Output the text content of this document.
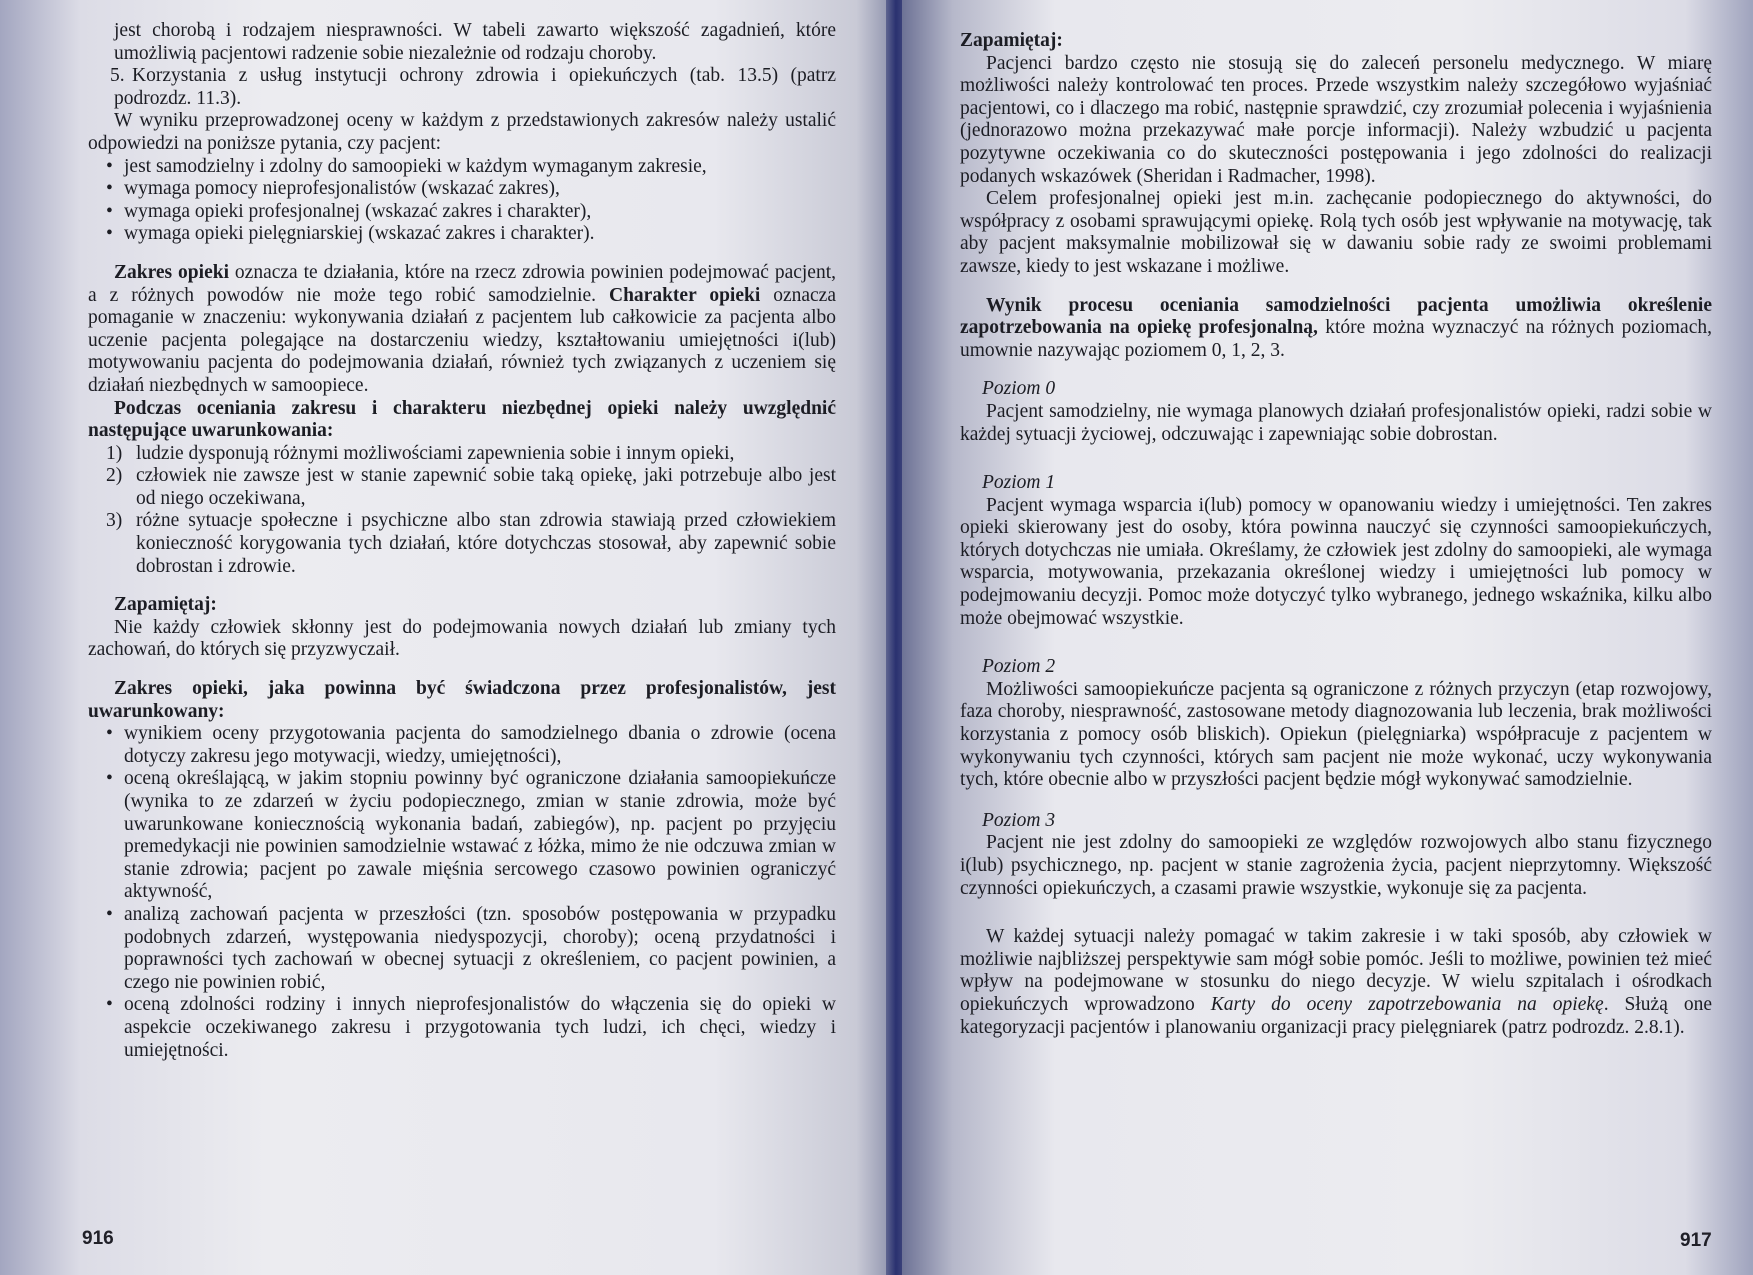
jest chorobą i rodzajem niesprawności. W tabeli zawarto większość zagadnień, które umożliwią pacjentowi radzenie sobie niezależnie od rodzaju choroby.

5. Korzystania z usług instytucji ochrony zdrowia i opiekuńczych (tab. 13.5) (patrz podrozdz. 11.3).

W wyniku przeprowadzonej oceny w każdym z przedstawionych zakresów należy ustalić odpowiedzi na poniższe pytania, czy pacjent:

• jest samodzielny i zdolny do samoopieki w każdym wymaganym zakresie,
• wymaga pomocy nieprofesjonalistów (wskazać zakres),
• wymaga opieki profesjonalnej (wskazać zakres i charakter),
• wymaga opieki pielęgniarskiej (wskazać zakres i charakter).

Zakres opieki oznacza te działania, które na rzecz zdrowia powinien podejmować pacjent, a z różnych powodów nie może tego robić samodzielnie. Charakter opieki oznacza pomaganie w znaczeniu: wykonywania działań z pacjentem lub całkowicie za pacjenta albo uczenie pacjenta polegające na dostarczeniu wiedzy, kształtowaniu umiejętności i(lub) motywowaniu pacjenta do podejmowania działań, również tych związanych z uczeniem się działań niezbędnych w samoopiece.

Podczas oceniania zakresu i charakteru niezbędnej opieki należy uwzględnić następujące uwarunkowania:

1) ludzie dysponują różnymi możliwościami zapewnienia sobie i innym opieki,
2) człowiek nie zawsze jest w stanie zapewnić sobie taką opiekę, jaki potrzebuje albo jest od niego oczekiwana,
3) różne sytuacje społeczne i psychiczne albo stan zdrowia stawiają przed człowiekiem konieczność korygowania tych działań, które dotychczas stosował, aby zapewnić sobie dobrostan i zdrowie.

Zapamiętaj:

Nie każdy człowiek skłonny jest do podejmowania nowych działań lub zmiany tych zachowań, do których się przyzwyczaił.

Zakres opieki, jaka powinna być świadczona przez profesjonalistów, jest uwarunkowany:

• wynikiem oceny przygotowania pacjenta do samodzielnego dbania o zdrowie (ocena dotyczy zakresu jego motywacji, wiedzy, umiejętności),
• oceną określającą, w jakim stopniu powinny być ograniczone działania samoopiekuńcze (wynika to ze zdarzeń w życiu podopiecznego, zmian w stanie zdrowia, może być uwarunkowane koniecznością wykonania badań, zabiegów), np. pacjent po przyjęciu premedykacji nie powinien samodzielnie wstawać z łóżka, mimo że nie odczuwa zmian w stanie zdrowia; pacjent po zawale mięśnia sercowego czasowo powinien ograniczyć aktywność,
• analizą zachowań pacjenta w przeszłości (tzn. sposobów postępowania w przypadku podobnych zdarzeń, występowania niedyspozycji, choroby); oceną przydatności i poprawności tych zachowań w obecnej sytuacji z określeniem, co pacjent powinien, a czego nie powinien robić,
• oceną zdolności rodziny i innych nieprofesjonalistów do włączenia się do opieki w aspekcie oczekiwanego zakresu i przygotowania tych ludzi, ich chęci, wiedzy i umiejętności.
916

Zapamiętaj:

Pacjenci bardzo często nie stosują się do zaleceń personelu medycznego. W miarę możliwości należy kontrolować ten proces. Przede wszystkim należy szczegółowo wyjaśniać pacjentowi, co i dlaczego ma robić, następnie sprawdzić, czy zrozumiał polecenia i wyjaśnienia (jednorazowo można przekazywać małe porcje informacji). Należy wzbudzić u pacjenta pozytywne oczekiwania co do skuteczności postępowania i jego zdolności do realizacji podanych wskazówek (Sheridan i Radmacher, 1998).

Celem profesjonalnej opieki jest m.in. zachęcanie podopiecznego do aktywności, do współpracy z osobami sprawującymi opiekę. Rolą tych osób jest wpływanie na motywację, tak aby pacjent maksymalnie mobilizował się w dawaniu sobie rady ze swoimi problemami zawsze, kiedy to jest wskazane i możliwe.

Wynik procesu oceniania samodzielności pacjenta umożliwia określenie zapotrzebowania na opiekę profesjonalną, które można wyznaczyć na różnych poziomach, umownie nazywając poziomem 0, 1, 2, 3.

Poziom 0

Pacjent samodzielny, nie wymaga planowych działań profesjonalistów opieki, radzi sobie w każdej sytuacji życiowej, odczuwając i zapewniając sobie dobrostan.

Poziom 1

Pacjent wymaga wsparcia i(lub) pomocy w opanowaniu wiedzy i umiejętności. Ten zakres opieki skierowany jest do osoby, która powinna nauczyć się czynności samoopiekuńczych, których dotychczas nie umiała. Określamy, że człowiek jest zdolny do samoopieki, ale wymaga wsparcia, motywowania, przekazania określonej wiedzy i umiejętności lub pomocy w podejmowaniu decyzji. Pomoc może dotyczyć tylko wybranego, jednego wskaźnika, kilku albo może obejmować wszystkie.

Poziom 2

Możliwości samoopiekuńcze pacjenta są ograniczone z różnych przyczyn (etap rozwojowy, faza choroby, niesprawność, zastosowane metody diagnozowania lub leczenia, brak możliwości korzystania z pomocy osób bliskich). Opiekun (pielęgniarka) współpracuje z pacjentem w wykonywaniu tych czynności, których sam pacjent nie może wykonać, uczy wykonywania tych, które obecnie albo w przyszłości pacjent będzie mógł wykonywać samodzielnie.

Poziom 3

Pacjent nie jest zdolny do samoopieki ze względów rozwojowych albo stanu fizycznego i(lub) psychicznego, np. pacjent w stanie zagrożenia życia, pacjent nieprzytomny. Większość czynności opiekuńczych, a czasami prawie wszystkie, wykonuje się za pacjenta.

W każdej sytuacji należy pomagać w takim zakresie i w taki sposób, aby człowiek w możliwie najbliższej perspektywie sam mógł sobie pomóc. Jeśli to możliwe, powinien też mieć wpływ na podejmowane w stosunku do niego decyzje. W wielu szpitalach i ośrodkach opiekuńczych wprowadzono Karty do oceny zapotrzebowania na opiekę. Służą one kategoryzacji pacjentów i planowaniu organizacji pracy pielęgniarek (patrz podrozdz. 2.8.1).

917
